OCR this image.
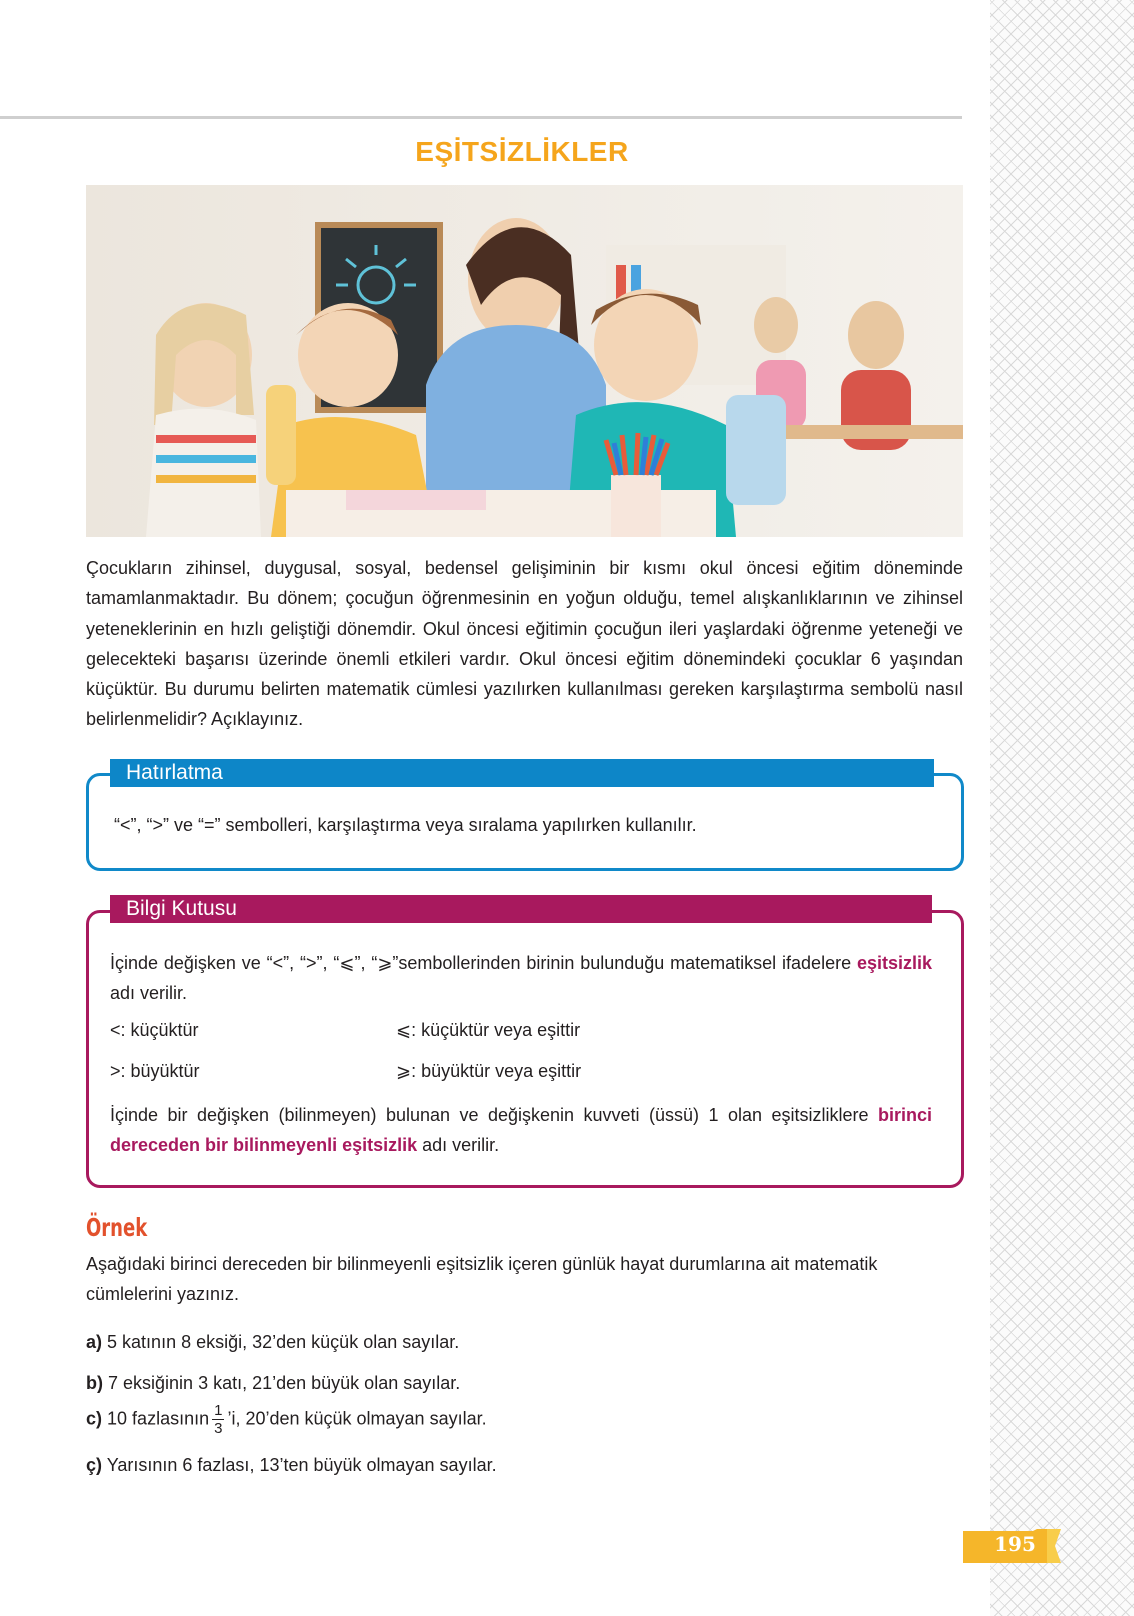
EŞİTSİZLİKLER
Çocukların zihinsel, duygusal, sosyal, bedensel gelişiminin bir kısmı okul öncesi eğitim döneminde tamamlanmaktadır. Bu dönem; çocuğun öğrenmesinin en yoğun olduğu, temel alışkanlıklarının ve zihinsel yeteneklerinin en hızlı geliştiği dönemdir. Okul öncesi eğitimin çocuğun ileri yaşlardaki öğrenme yeteneği ve gelecekteki başarısı üzerinde önemli etkileri vardır. Okul öncesi eğitim dönemindeki çocuklar 6 yaşından küçüktür. Bu durumu belirten matematik cümlesi yazılırken kullanılması gereken karşılaştırma sembolü nasıl belirlenmelidir? Açıklayınız.
Hatırlatma
“<”, “>” ve “=” sembolleri, karşılaştırma veya sıralama yapılırken kullanılır.
Bilgi Kutusu
İçinde değişken ve “<”, “>”, “⩽”, “⩾”sembollerinden birinin bulunduğu matematiksel ifadelere eşitsizlik adı verilir.
<: küçüktür	⩽: küçüktür veya eşittir
>: büyüktür	⩾: büyüktür veya eşittir
İçinde bir değişken (bilinmeyen) bulunan ve değişkenin kuvveti (üssü) 1 olan eşitsizliklere birinci dereceden bir bilinmeyenli eşitsizlik adı verilir.
Örnek
Aşağıdaki birinci dereceden bir bilinmeyenli eşitsizlik içeren günlük hayat durumlarına ait matematik cümlelerini yazınız.
a) 5 katının 8 eksiği, 32’den küçük olan sayılar.
b) 7 eksiğinin 3 katı, 21’den büyük olan sayılar.
c) 10 fazlasının $\frac{1}{3}$ ’i, 20’den küçük olmayan sayılar.
ç) Yarısının 6 fazlası, 13’ten büyük olmayan sayılar.
195
